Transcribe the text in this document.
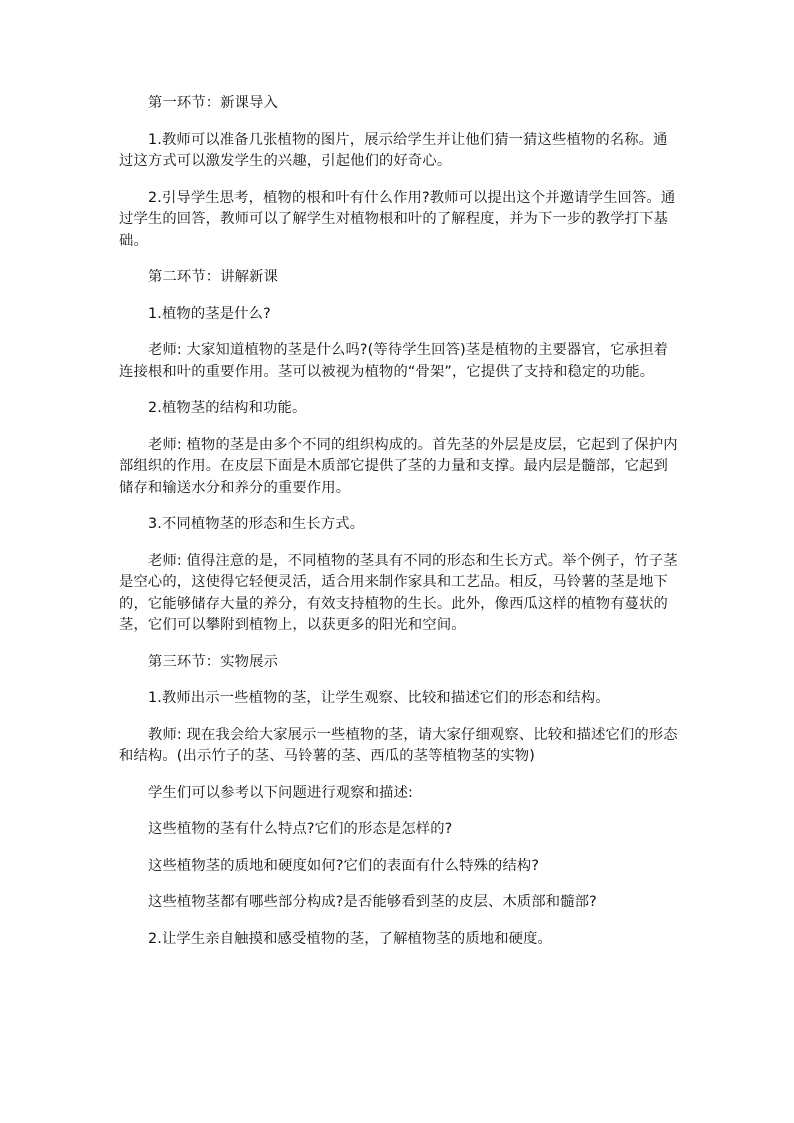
第一环节：新课导入

1.教师可以准备几张植物的图片，展示给学生并让他们猜一猜这些植物的名称。通过这方式可以激发学生的兴趣，引起他们的好奇心。

2.引导学生思考，植物的根和叶有什么作用?教师可以提出这个并邀请学生回答。通过学生的回答，教师可以了解学生对植物根和叶的了解程度，并为下一步的教学打下基础。

第二环节：讲解新课

1.植物的茎是什么?

老师: 大家知道植物的茎是什么吗?(等待学生回答)茎是植物的主要器官，它承担着连接根和叶的重要作用。茎可以被视为植物的“骨架”，它提供了支持和稳定的功能。

2.植物茎的结构和功能。

老师: 植物的茎是由多个不同的组织构成的。首先茎的外层是皮层，它起到了保护内部组织的作用。在皮层下面是木质部它提供了茎的力量和支撑。最内层是髓部，它起到储存和输送水分和养分的重要作用。

3.不同植物茎的形态和生长方式。

老师: 值得注意的是，不同植物的茎具有不同的形态和生长方式。举个例子，竹子茎是空心的，这使得它轻便灵活，适合用来制作家具和工艺品。相反，马铃薯的茎是地下的，它能够储存大量的养分，有效支持植物的生长。此外，像西瓜这样的植物有蔓状的茎，它们可以攀附到植物上，以获更多的阳光和空间。

第三环节：实物展示

1.教师出示一些植物的茎，让学生观察、比较和描述它们的形态和结构。

教师: 现在我会给大家展示一些植物的茎，请大家仔细观察、比较和描述它们的形态和结构。(出示竹子的茎、马铃薯的茎、西瓜的茎等植物茎的实物)

学生们可以参考以下问题进行观察和描述:

这些植物的茎有什么特点?它们的形态是怎样的?

这些植物茎的质地和硬度如何?它们的表面有什么特殊的结构?

这些植物茎都有哪些部分构成?是否能够看到茎的皮层、木质部和髓部?

2.让学生亲自触摸和感受植物的茎，了解植物茎的质地和硬度。
